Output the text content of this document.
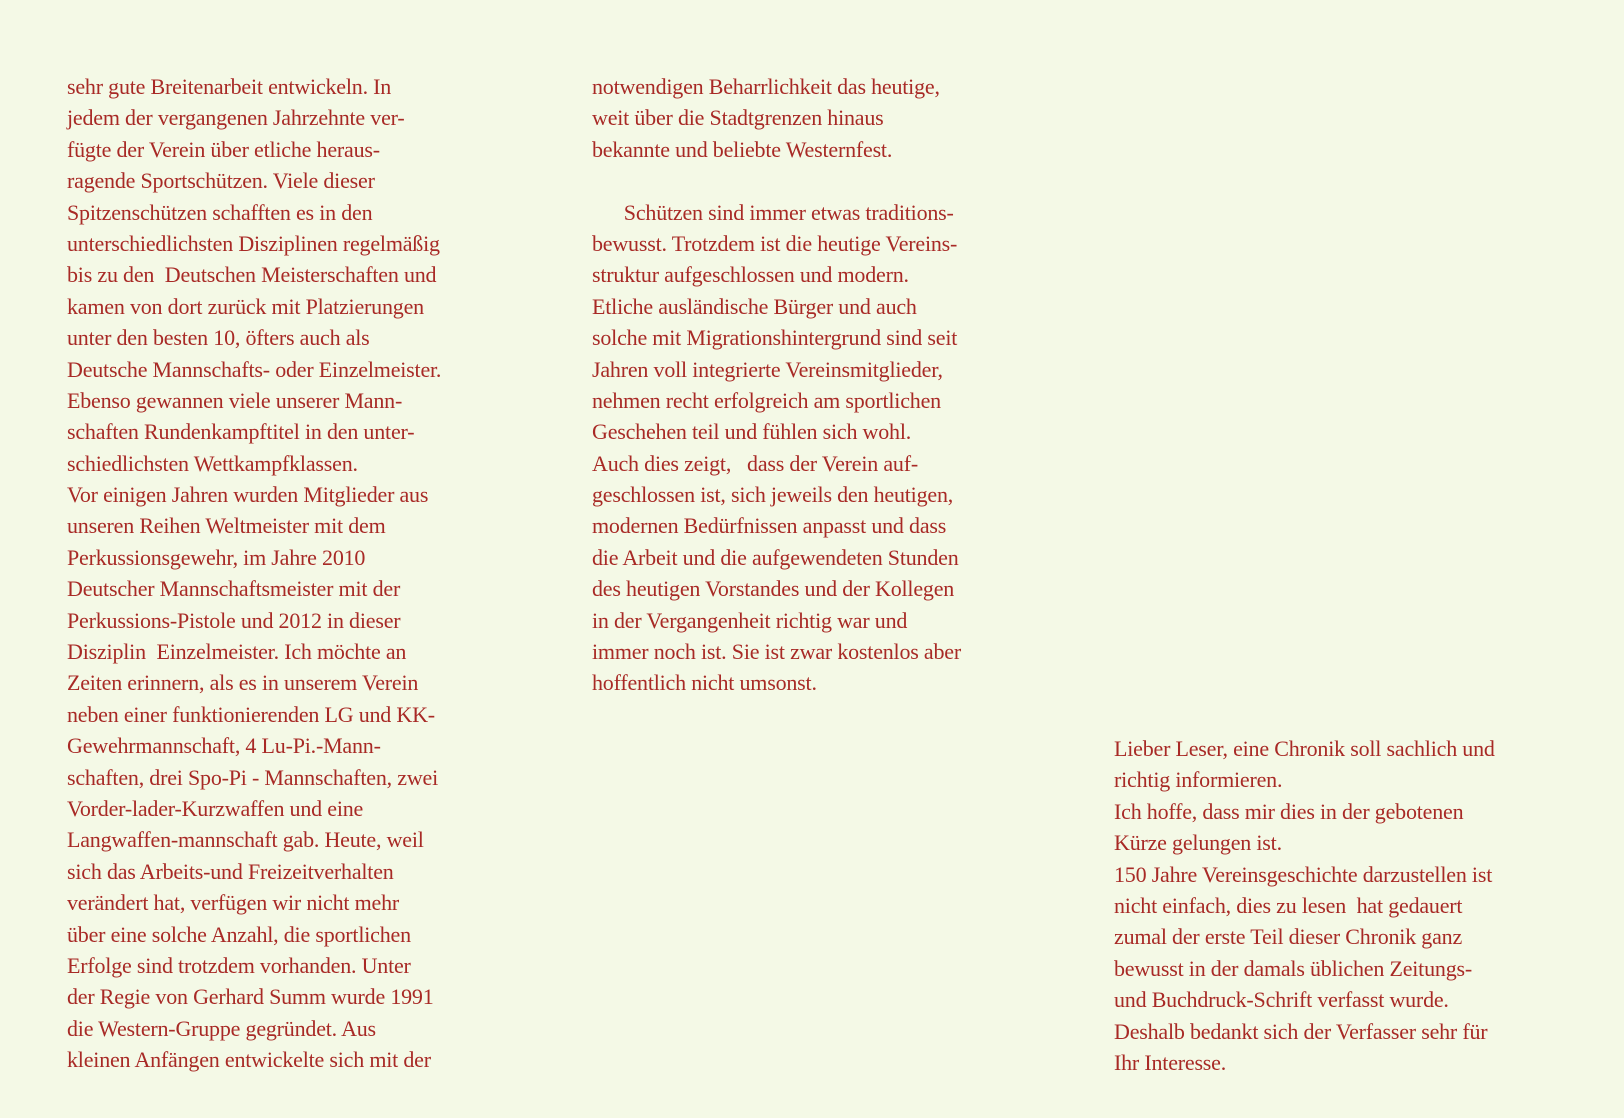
sehr gute Breitenarbeit entwickeln. In
jedem der vergangenen Jahrzehnte ver-
fügte der Verein über etliche heraus-
ragende Sportschützen. Viele dieser
Spitzenschützen schafften es in den
unterschiedlichsten Disziplinen regelmäßig
bis zu den  Deutschen Meisterschaften und
kamen von dort zurück mit Platzierungen
unter den besten 10, öfters auch als
Deutsche Mannschafts- oder Einzelmeister.
Ebenso gewannen viele unserer Mann-
schaften Rundenkampftitel in den unter-
schiedlichsten Wettkampfklassen.
Vor einigen Jahren wurden Mitglieder aus
unseren Reihen Weltmeister mit dem
Perkussionsgewehr, im Jahre 2010
Deutscher Mannschaftsmeister mit der
Perkussions-Pistole und 2012 in dieser
Disziplin  Einzelmeister. Ich möchte an
Zeiten erinnern, als es in unserem Verein
neben einer funktionierenden LG und KK-
Gewehrmannschaft, 4 Lu-Pi.-Mann-
schaften, drei Spo-Pi - Mannschaften, zwei
Vorder-lader-Kurzwaffen und eine
Langwaffen-mannschaft gab. Heute, weil
sich das Arbeits-und Freizeitverhalten
verändert hat, verfügen wir nicht mehr
über eine solche Anzahl, die sportlichen
Erfolge sind trotzdem vorhanden. Unter
der Regie von Gerhard Summ wurde 1991
die Western-Gruppe gegründet. Aus
kleinen Anfängen entwickelte sich mit der
notwendigen Beharrlichkeit das heutige,
weit über die Stadtgrenzen hinaus
bekannte und beliebte Westernfest.
Schützen sind immer etwas traditions-
bewusst. Trotzdem ist die heutige Vereins-
struktur aufgeschlossen und modern.
Etliche ausländische Bürger und auch
solche mit Migrationshintergrund sind seit
Jahren voll integrierte Vereinsmitglieder,
nehmen recht erfolgreich am sportlichen
Geschehen teil und fühlen sich wohl.
Auch dies zeigt,   dass der Verein auf-
geschlossen ist, sich jeweils den heutigen,
modernen Bedürfnissen anpasst und dass
die Arbeit und die aufgewendeten Stunden
des heutigen Vorstandes und der Kollegen
in der Vergangenheit richtig war und
immer noch ist. Sie ist zwar kostenlos aber
hoffentlich nicht umsonst.
Lieber Leser, eine Chronik soll sachlich und
richtig informieren.
Ich hoffe, dass mir dies in der gebotenen
Kürze gelungen ist.
150 Jahre Vereinsgeschichte darzustellen ist
nicht einfach, dies zu lesen  hat gedauert
zumal der erste Teil dieser Chronik ganz
bewusst in der damals üblichen Zeitungs-
und Buchdruck-Schrift verfasst wurde.
Deshalb bedankt sich der Verfasser sehr für
Ihr Interesse.
